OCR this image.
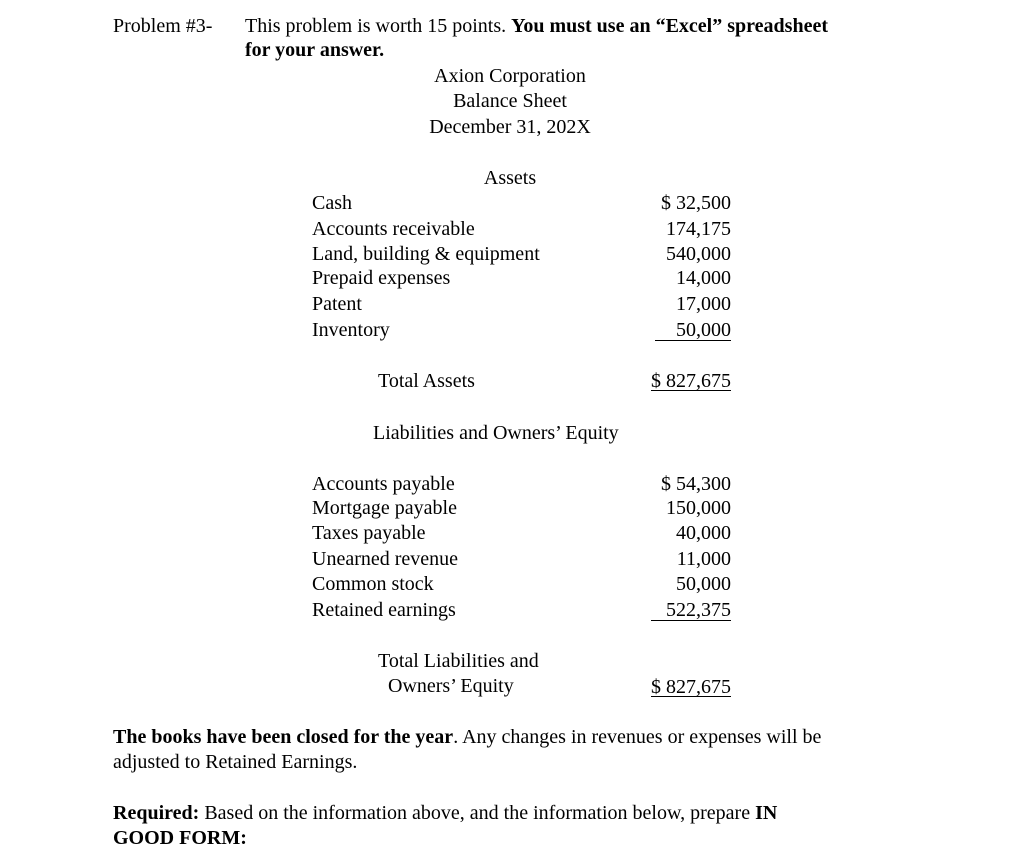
Problem #3- This problem is worth 15 points. You must use an “Excel” spreadsheet
for your answer.
Axion Corporation
Balance Sheet
December 31, 202X
Assets
Cash	$ 32,500
Accounts receivable	174,175
Land, building & equipment	540,000
Prepaid expenses	14,000
Patent	17,000
Inventory	50,000
Total Assets	$ 827,675
Liabilities and Owners’ Equity
Accounts payable	$ 54,300
Mortgage payable	150,000
Taxes payable	40,000
Unearned revenue	11,000
Common stock	50,000
Retained earnings	522,375
Total Liabilities and
Owners’ Equity	$ 827,675
The books have been closed for the year. Any changes in revenues or expenses will be
adjusted to Retained Earnings.
Required: Based on the information above, and the information below, prepare IN
GOOD FORM:
